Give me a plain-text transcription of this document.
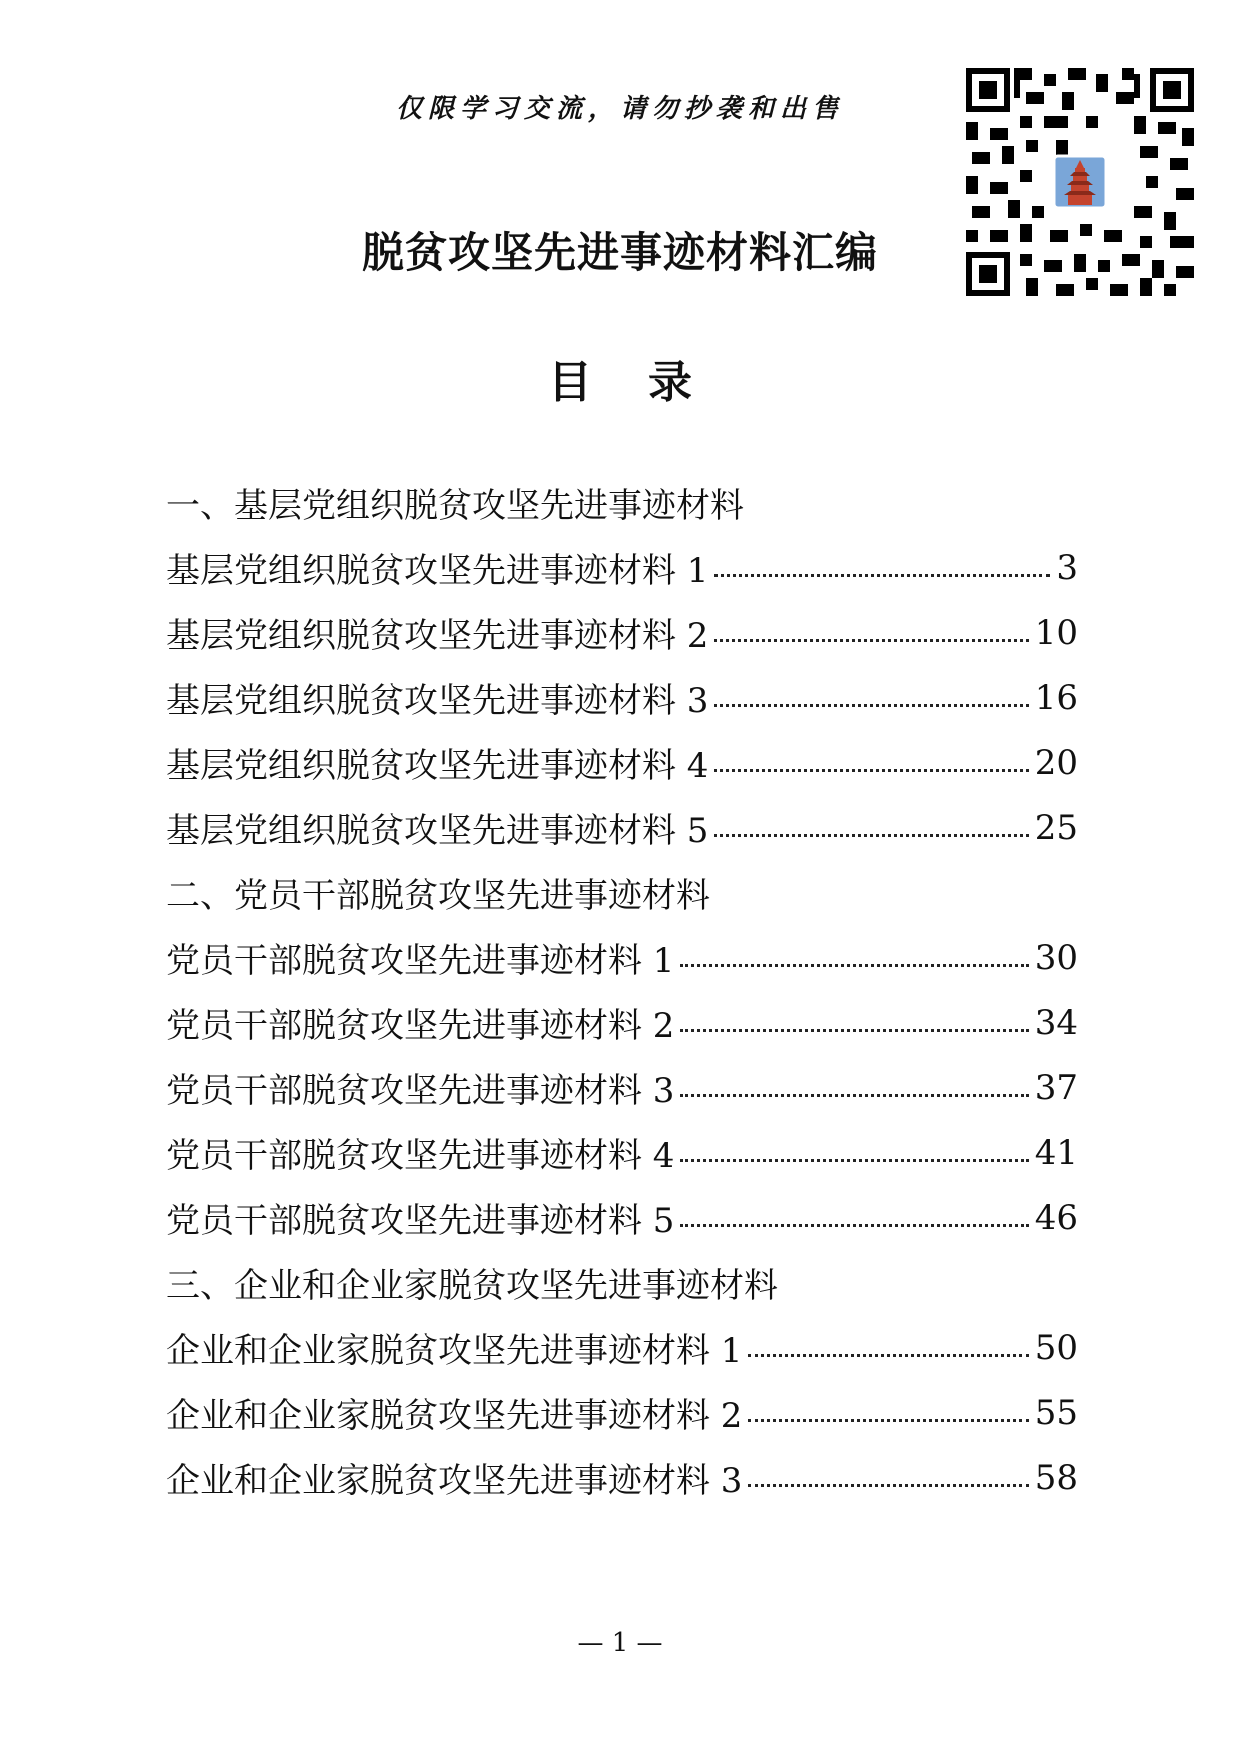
仅限学习交流，请勿抄袭和出售
脱贫攻坚先进事迹材料汇编
目 录
一、基层党组织脱贫攻坚先进事迹材料
基层党组织脱贫攻坚先进事迹材料 1	3
基层党组织脱贫攻坚先进事迹材料 2	10
基层党组织脱贫攻坚先进事迹材料 3	16
基层党组织脱贫攻坚先进事迹材料 4	20
基层党组织脱贫攻坚先进事迹材料 5	25
二、党员干部脱贫攻坚先进事迹材料
党员干部脱贫攻坚先进事迹材料 1	30
党员干部脱贫攻坚先进事迹材料 2	34
党员干部脱贫攻坚先进事迹材料 3	37
党员干部脱贫攻坚先进事迹材料 4	41
党员干部脱贫攻坚先进事迹材料 5	46
三、企业和企业家脱贫攻坚先进事迹材料
企业和企业家脱贫攻坚先进事迹材料 1	50
企业和企业家脱贫攻坚先进事迹材料 2	55
企业和企业家脱贫攻坚先进事迹材料 3	58
— 1 —
